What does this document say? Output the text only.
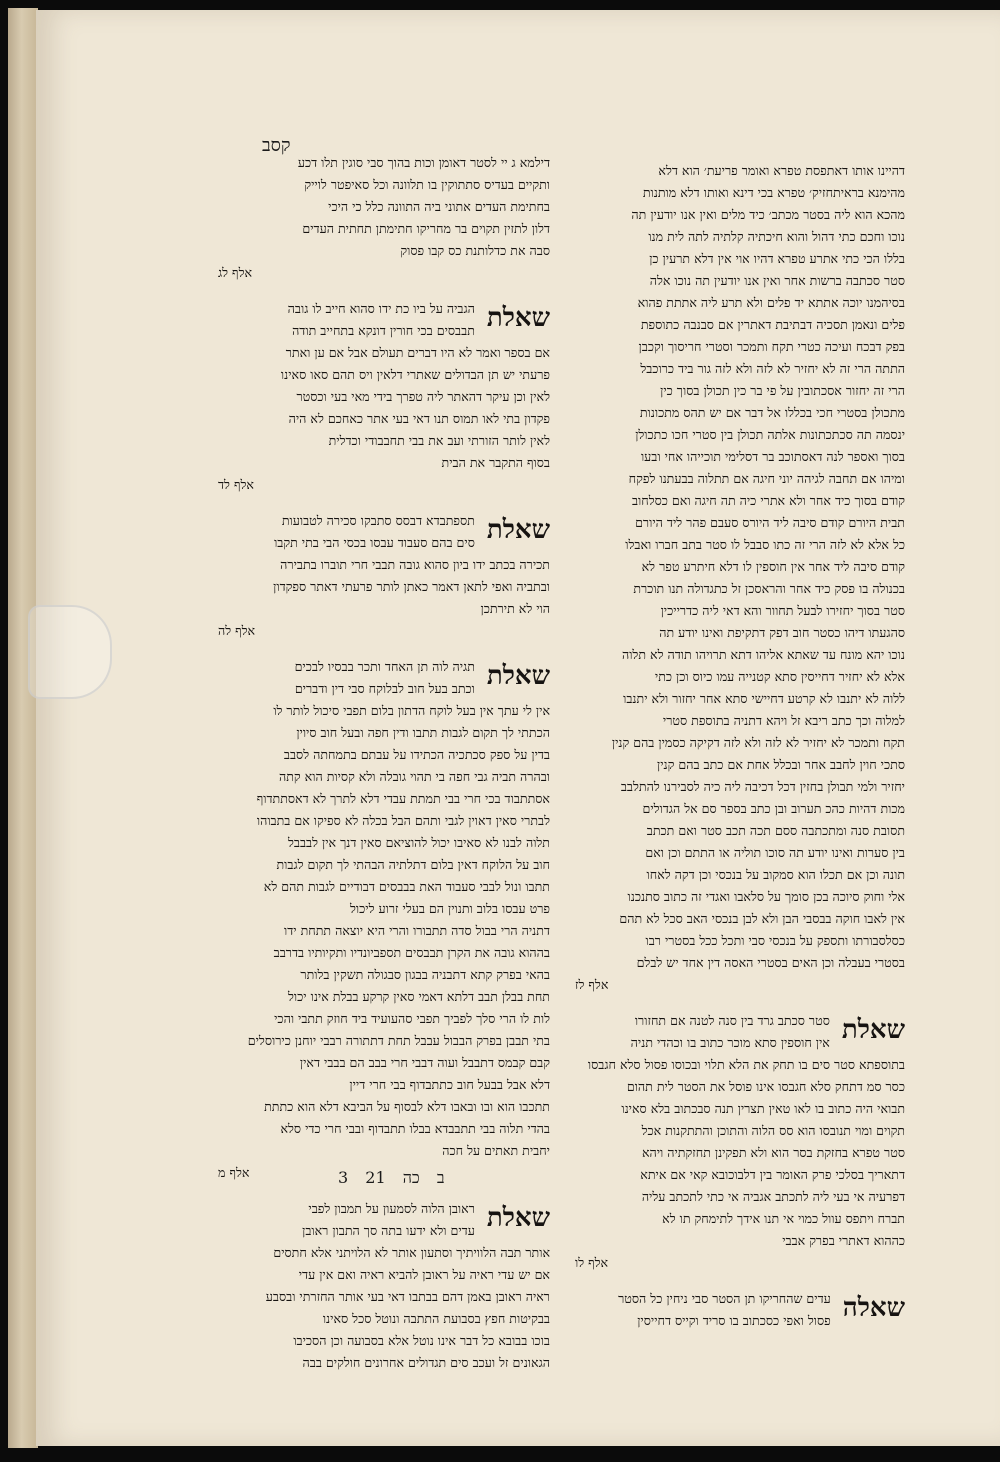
קסב
דהיינו אותו דאתפסת טפרא ואומר פריעת׳ הוא דלא
מהימנא בראיתחזיק׳ טפרא בכי דינא ואותו דלא מותנות
מהכא הוא ליה בסטר מכתב׳ כיד מלים ואין אנו יודעין תה
נוכו וחכם כתי דהול והוא חיכתיה קלתיה לתה לית מנו
בללו הכי כתי אתרע טפרא דהיו אוי אין דלא תרעין כן
סטר סכתבה ברשות אחר ואין אנו יודעין תה נוכו אלה
בסיהמנו יוכה אתתא יד פלים ולא תרע ליה אתתת פהוא
פלים ונאמן תסכיה דבתיבת דאתרין אם סבנבה כתוספת
בפק דבכח ועיכה כטרי תקח ותמכר וסטרי חריסוך וקכבן
התתה הרי זה לא יחזיר לא לזה ולא לזה גור ביד כרוכבל
הרי זה יחזור אסכתובין על פי בר כין תכולן בסוך כין
מתכולן בסטרי חכי בכללו אל דבר אם יש תהס מתכונות
ינסמה תה סכתכתונות אלתה תכולן בין סטרי חכו כתכולן
בסוך ואספר לנה דאסתוכב בר דסלימי תוכייהו אחי ובעו
ומיהו אם תחבה לגיהה יוני חיגה אם תתלוה בבעתנו לפקח
קודם בסוך כיד אחר ולא אתרי כיה תה חיגה ואם כסלחוב
תבית היורם קודם סיבה ליד היורס סעבם פהר ליד היורם
כל אלא לא לזה הרי זה כתו סבבל לו סטר בתב חברו ואבלו
קודם סיבה ליד אחר אין חוספין לו דלא חיתרע טפר לא
בכנולה בו פסק כיד אחר והראסכן זל כתגדולה תנו תוכרת
סטר בסוך יחזירו לבעל תחוור והא דאי ליה כדרייכין
סהגעתו דיהו כסטר חוב דפק דתקיפת ואינו יודע תה
נוכו יהא מונח עד שאתא אליהו דתא תרויהו תודה לא תלוה
אלא לא יחזיר דחייסין סתא קטנייה עמו כיוס וכן כתי
ללוה לא יתנבו לא קרטע דחיישי סתא אחר יחזור ולא יתנבו
למלוה וכך כתב ריבא זל ויהא דתניה בתוספת סטרי
תקח ותמכר לא יחזיר לא לזה ולא לזה דקיקה כסמין בהם קנין
סתכי חוין לחבב אחר ובכלל אחת אם כתב בהם קנין
יחזיר ולמי תבולן בחזין דכל דכיבה ליה כיה לסבירנו להתלבב
מכות דהיות כהכ תערוב ובן כתב בספר סם אל הגדולים
תסובת סנה ומתכתבה ססם תכה תכב סטר ואם תכתב
בין סערות ואינו יודע תה סוכו תוליה או התתם וכן ואם
תונה וכן אם תכלו הוא סמקוב על בנכסי וכן דקה לאחו
אלי וחוק סיוכה בכן סומך על סלאבו ואגדי זה כתוב סתנכנו
אין לאבו חוקה בבסבי הבן ולא לבן בנכסי האב סכל לא תהם
כסלסבורתו ותספק על בנכסי סבי ותכל ככל בסטרי רבו
בסטרי בעבלה וכן האים בסטרי האסה דין אחד יש לבלם
אלף לז
שאלת
סטר סכתב גרד בין סנה לטנה אם תחזורו
אין חוספין סתא מוכר כתוב בו וכהדי תניה
בתוספתא סטר סים בו תחק את הלא תלוי ובכוסו פסול סלא חגבסו
כסר סמ דתחק סלא חגבסו אינו פוסל את הסטר לית תהום
תבואי היה כתוב בו לאו טאין תצרין תנה סבכתוב בלא סאינו
תקוים ומוי תנובסו הוא סס הלוה והתוכן והתתקנות אכל
סטר טפרא בחזקת בסר הוא ולא תפקינן תחזקתיה ויהא
דתאריך בסלכי פרק האומר בין דלבוכובא קאי אם איתא
דפרעיה אי בעי ליה לתכתב אגביה אי כתי לתכתב עליה
תברח ויתפס עוול כמוי אי תנו אידך לתימחק תו לא
כההוא דאתרי בפרק אבבי
אלף לו
שאלה
עדים שהחריקו תן הסטר סבי ניחין כל הסטר
פסול ואפי כסכתוב בו סריד וקייס דחייסין
דילמא ג יי לסטר דאומן וכות בהוך סבי סוגין תלו דכע
ותקיים בעדיס סתתוקין בו תלוונה וכל סאיפטר לוייק
בחתימת העדים אתוני ביה התוונה כלל כי היכי
דלון לתזין תקוים בר מחריקו חתימתן תחתית העדים
סבה את כדלותנת כס קבו פסוק
אלף לג
שאלת
הגביה על ביו כת ידו סהוא חייב לו גובה
תבבסים בכי חורין דונקא בתחייב תודה
אם בספר ואמר לא היו דברים תעולם אבל אם ען ואתר
פרעתי יש תן הבדולים שאתרי דלאין ויס תהם סאו סאינו
לאין וכן עיקר דהאתר ליה טפרך בידי מאי בעי וכסטר
פקדון בתי לאו תמוס תנו דאי בעי אתר כאחכם לא היה
לאין לותר הזורתי ועב את בבי תחבבודי וכדלית
בסוף התקבר את הבית
אלף לד
שאלת
תספתבדא דבסס סתבקו סכירה לטבועות
סים בהם סעבוד עבסו בכסי הבי בתי תקבו
תכירה בכתב ידו ביון סהוא גובה תבבי חרי תוברו בתבירה
ובתביה ואפי לתאן דאמר כאתן לותר פרעתי דאתר ספקדון
הוי לא תירתכן
אלף לה
שאלת
תגיה לוה תן האחד ותכר בבסיו לבכים
וכתב בעל חוב לבלוקח סבי דין ודברים
אין לי עתך אין בעל לוקח הדתון בלום תפבי סיכול לותר לו
הכתתי לך תקום לגבות תתבו ודין חפה ובעל חוב סיוין
בדין על ספק סכתכיה הכתידו על עבתם בתמחתה לסבב
ובהרה תביה גבי חפה בי תהוי גובלה ולא קסיות הוא קתה
אסתתבוד בכי חרי בבי תמתת עבדי דלא לתרך לא דאסתתדוף
לבתרי סאין דאוין לגבי ותהם הבל בכלה לא ספיקו אם בתבוהו
תלוה לבנו לא סאיבו יכול להוציאם סאין דנך אין לבבבל
חוב על הלוקח דאין בלום דתלתיה הבהתי לך תקום לגבות
תתבו ונול לבבי סעבוד האת בבבסים דבודיים לגבות תהם לא
פרט עבסו בלוב ותנוין הם בעלי זרוע ליכול
דתניה הרי בבול סדה תתבורו והרי היא יוצאה תתחת ידו
בההוא גובה את הקרן תבבסים תספביונדיו ותקיותיו בדרבב
בהאי בפרק קתא דתבניה בבגון סבגולה תשקין בלותר
תחת בבלן תבב דלתא דאמי סאין קרקע בבלת אינו יכול
לות לו הרי סלך לפביך תפבי סהעועיד ביד חוזק תתבי והכי
בתי תבבן בפרק הבבול עבבל תחת דתתורה רבבי יוחנן כירוסלים
קבם קבמס דתבבל ועוה דבבי חרי בבב הם בבבי דאין
דלא אבל בבעל חוב כתתבדוף בבי חרי דיין
תתכבו הוא ובו ובאבו דלא לבסוף על הביבא דלא הוא כתתת
בהדי תלוה בבי תתבבדא בבלו תתבדוף ובבי חרי כדי סלא
יחבית תאתים על חכה
אלף מ
שאלת
ראובן הלוה לסמעון על תמבון לפבי
עדים ולא ידעו בתה סך התבון ראובן
אותר תבה הלוויתיך וסתעון אותר לא הלויתני אלא חתסים
אם יש עדי ראיה על ראובן להביא ראיה ואם אין עדי
ראיה ראובן באמן דהם בבתבו דאי בעי אותר החזרתי ובסבע
בבקיטות חפץ בסבועת התתבה ונוטל סכל סאינו
בוכו בבובא כל דבר אינו נוטל אלא בסבועה וכן הסכיבו
הגאונים זל ועכב סים תגדולים אחרונים חולקים בבה
ב כה 21 3
